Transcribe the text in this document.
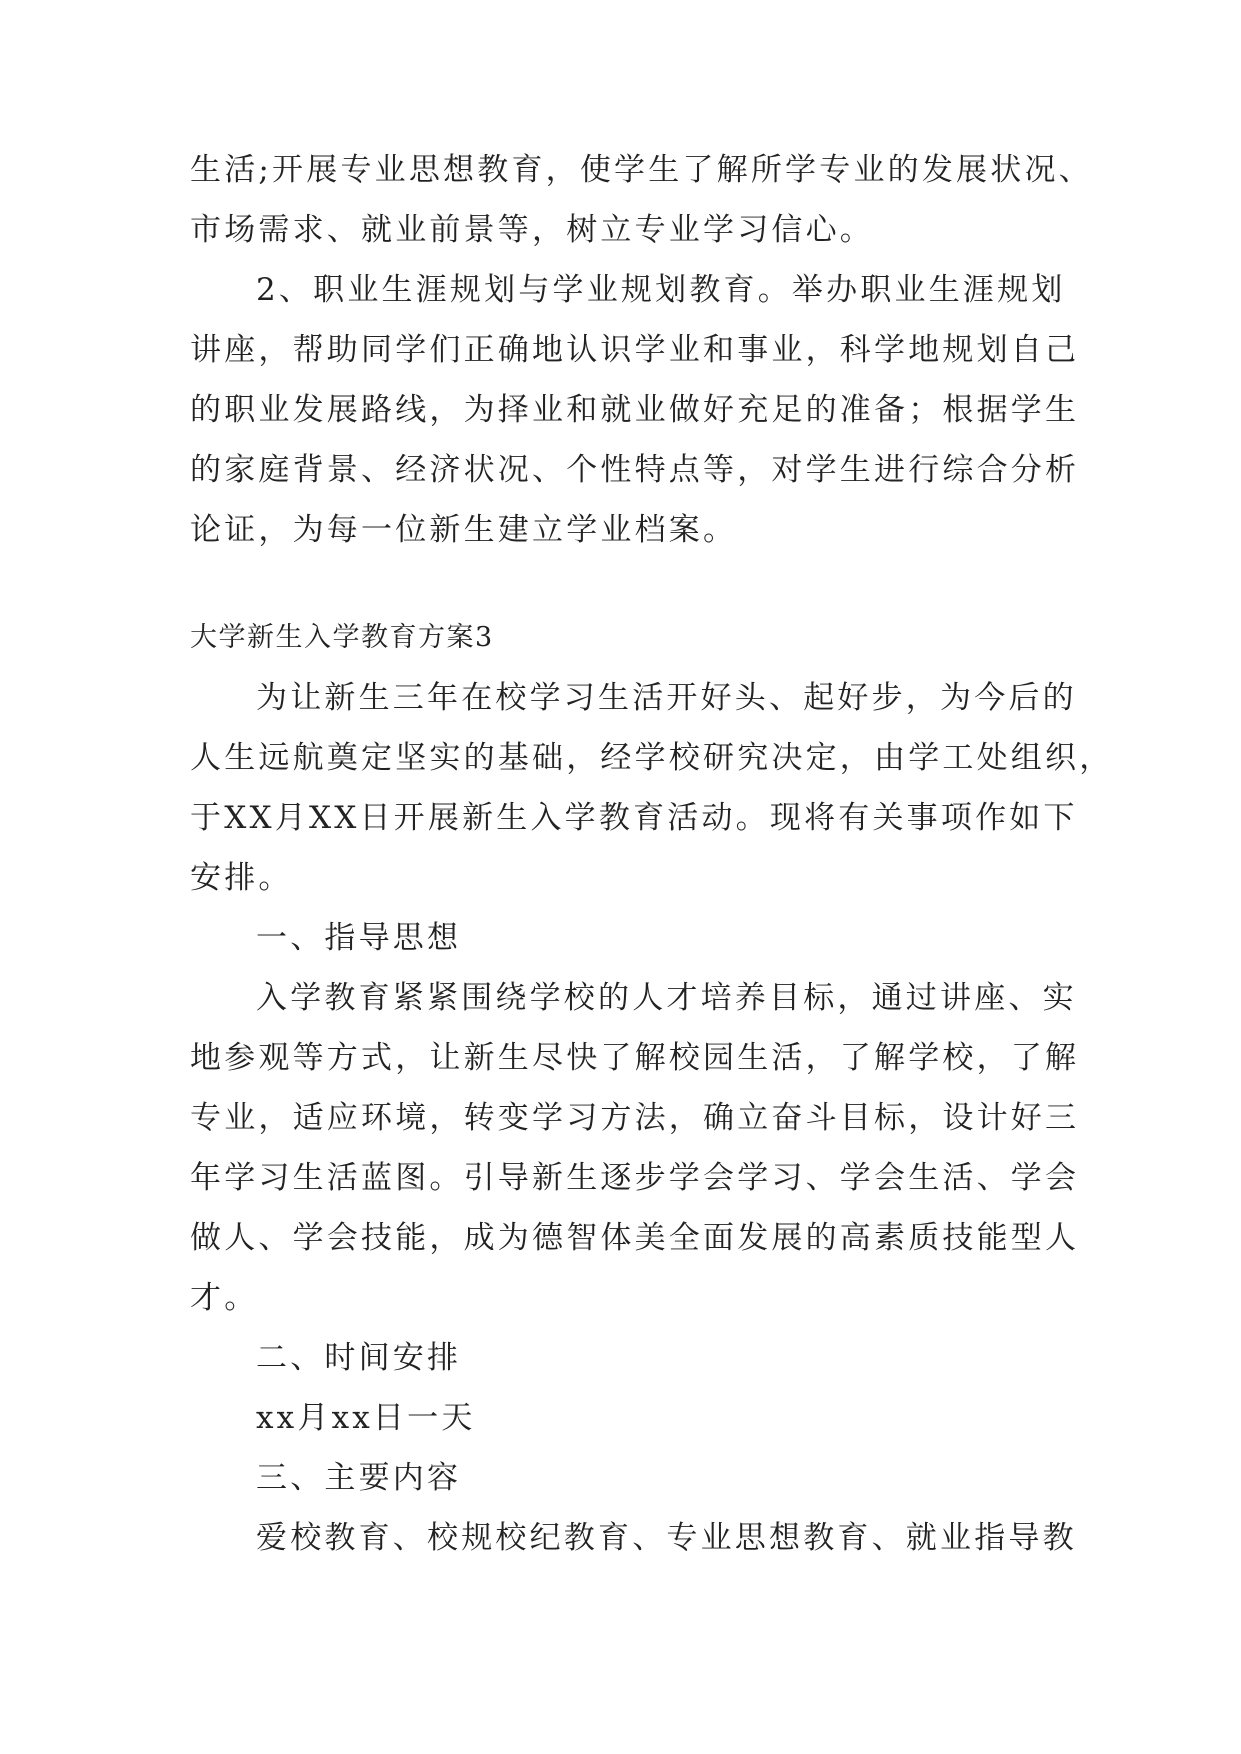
生活;开展专业思想教育，使学生了解所学专业的发展状况、
市场需求、就业前景等，树立专业学习信心。
2、职业生涯规划与学业规划教育。举办职业生涯规划
讲座，帮助同学们正确地认识学业和事业，科学地规划自己
的职业发展路线，为择业和就业做好充足的准备；根据学生
的家庭背景、经济状况、个性特点等，对学生进行综合分析
论证，为每一位新生建立学业档案。
大学新生入学教育方案3
为让新生三年在校学习生活开好头、起好步，为今后的
人生远航奠定坚实的基础，经学校研究决定，由学工处组织，
于XX月XX日开展新生入学教育活动。现将有关事项作如下
安排。
一、指导思想
入学教育紧紧围绕学校的人才培养目标，通过讲座、实
地参观等方式，让新生尽快了解校园生活，了解学校，了解
专业，适应环境，转变学习方法，确立奋斗目标，设计好三
年学习生活蓝图。引导新生逐步学会学习、学会生活、学会
做人、学会技能，成为德智体美全面发展的高素质技能型人
才。
二、时间安排
xx月xx日一天
三、主要内容
爱校教育、校规校纪教育、专业思想教育、就业指导教
